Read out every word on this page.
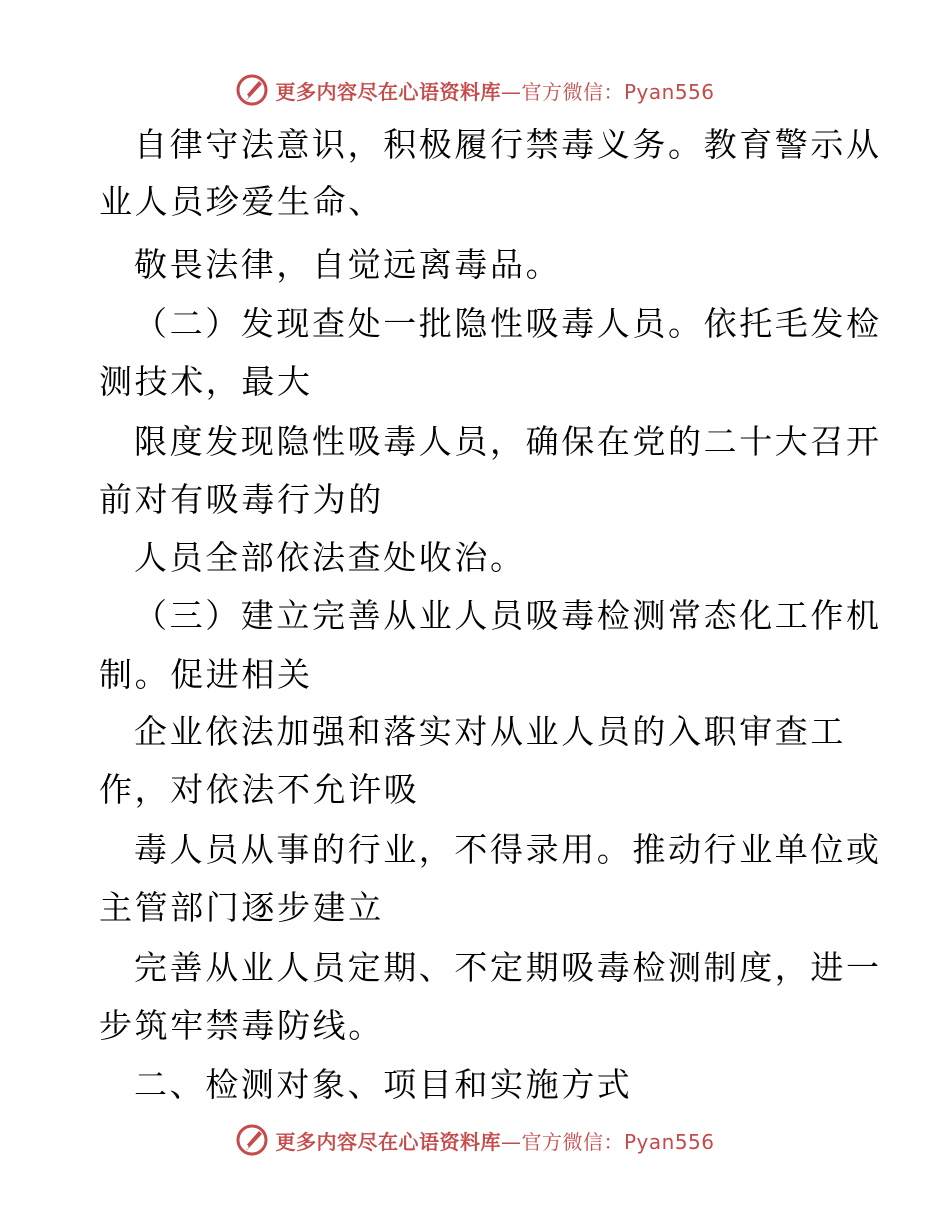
更多内容尽在心语资料库—官方微信：Pyan556
自律守法意识，积极履行禁毒义务。教育警示从
业人员珍爱生命、
敬畏法律，自觉远离毒品。
（二）发现查处一批隐性吸毒人员。依托毛发检
测技术，最大
限度发现隐性吸毒人员，确保在党的二十大召开
前对有吸毒行为的
人员全部依法查处收治。
（三）建立完善从业人员吸毒检测常态化工作机
制。促进相关
企业依法加强和落实对从业人员的入职审查工
作，对依法不允许吸
毒人员从事的行业，不得录用。推动行业单位或
主管部门逐步建立
完善从业人员定期、不定期吸毒检测制度，进一
步筑牢禁毒防线。
二、检测对象、项目和实施方式
更多内容尽在心语资料库—官方微信：Pyan556
